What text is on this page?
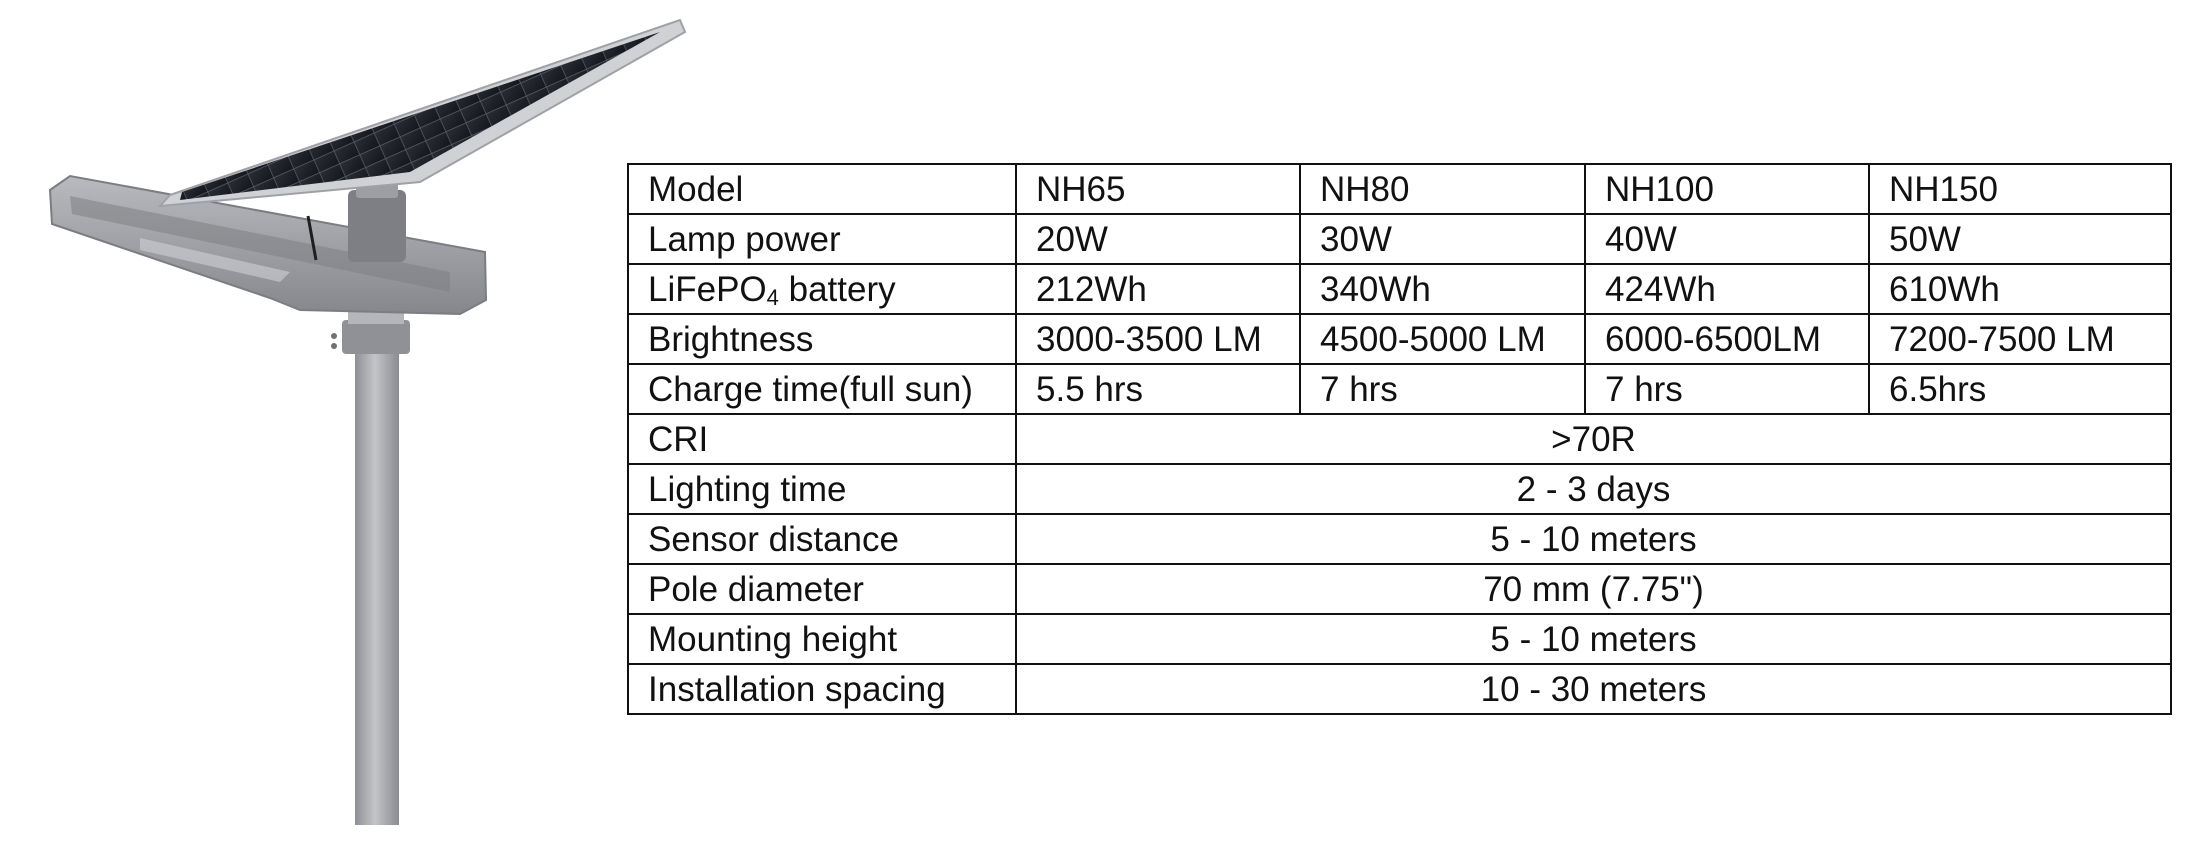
Model	NH65	NH80	NH100	NH150
Lamp power	20W	30W	40W	50W
LiFePO$_4$ battery	212Wh	340Wh	424Wh	610Wh
Brightness	3000-3500 LM	4500-5000 LM	6000-6500LM	7200-7500 LM
Charge time(full sun)	5.5 hrs	7 hrs	7 hrs	6.5hrs
CRI	>70R			
Lighting time	2 - 3 days			
Sensor distance	5 - 10 meters			
Pole diameter	70 mm (7.75")			
Mounting height	5 - 10 meters			
Installation spacing	10 - 30 meters			
